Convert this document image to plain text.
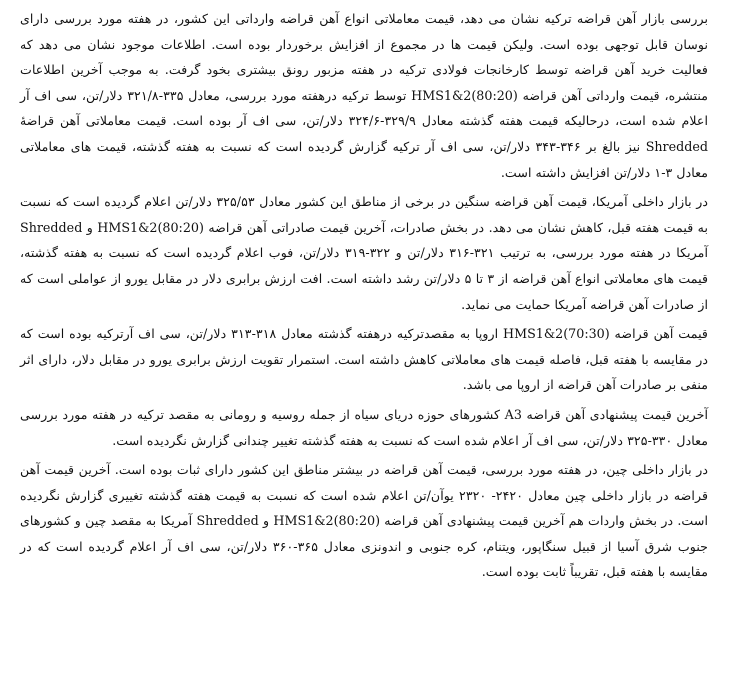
بررسی بازار آهن قراضه ترکیه نشان می دهد، قیمت معاملاتی انواع آهن قراضه وارداتی این کشور، در هفته مورد بررسی دارای نوسان قابل توجهی بوده است. ولیکن قیمت ها در مجموع از افزایش برخوردار بوده است. اطلاعات موجود نشان می دهد که فعالیت خرید آهن قراضه توسط کارخانجات فولادی ترکیه در هفته مزبور رونق بیشتری بخود گرفت. به موجب آخرین اطلاعات منتشره، قیمت وارداتی آهن قراضه HMS1&2(80:20) توسط ترکیه درهفته مورد بررسی، معادل ۳۳۵-۳۲۱/۸ دلار/تن، سی اف آر اعلام شده است، درحالیکه قیمت هفته گذشته معادل ۳۲۹/۹-۳۲۴/۶ دلار/تن، سی اف آر بوده است. قیمت معاملاتی آهن قراضهٔ Shredded نیز بالغ بر ۳۴۶-۳۴۳ دلار/تن، سی اف آر ترکیه گزارش گردیده است که نسبت به هفته گذشته، قیمت های معاملاتی معادل ۳-۱ دلار/تن افزایش داشته است.

در بازار داخلی آمریکا، قیمت آهن قراضه سنگین در برخی از مناطق این کشور معادل ۳۲۵/۵۳ دلار/تن اعلام گردیده است که نسبت به قیمت هفته قبل، کاهش نشان می دهد. در بخش صادرات، آخرین قیمت صادراتی آهن قراضه HMS1&2(80:20) و Shredded آمریکا در هفته مورد بررسی، به ترتیب ۳۲۱-۳۱۶ دلار/تن و ۳۲۲-۳۱۹ دلار/تن، فوب اعلام گردیده است که نسبت به هفته گذشته، قیمت های معاملاتی انواع آهن قراضه از ۳ تا ۵ دلار/تن رشد داشته است. افت ارزش برابری دلار در مقابل یورو از عواملی است که از صادرات آهن قراضه آمریکا حمایت می نماید.

قیمت آهن قراضه HMS1&2(70:30) اروپا به مقصدترکیه درهفته گذشته معادل ۳۱۸-۳۱۳ دلار/تن، سی اف آرترکیه بوده است که در مقایسه با هفته قبل، فاصله قیمت های معاملاتی کاهش داشته است. استمرار تقویت ارزش برابری یورو در مقابل دلار، دارای اثر منفی بر صادرات آهن قراضه از اروپا می باشد.

آخرین قیمت پیشنهادی آهن قراضه A3 کشورهای حوزه دریای سیاه از جمله روسیه و رومانی به مقصد ترکیه در هفته مورد بررسی معادل ۳۳۰-۳۲۵ دلار/تن، سی اف آر اعلام شده است که نسبت به هفته گذشته تغییر چندانی گزارش نگردیده است.

در بازار داخلی چین، در هفته مورد بررسی، قیمت آهن قراضه در بیشتر مناطق این کشور دارای ثبات بوده است. آخرین قیمت آهن قراضه در بازار داخلی چین معادل ۲۴۲۰- ۲۳۲۰ یوآن/تن اعلام شده است که نسبت به قیمت هفته گذشته تغییری گزارش نگردیده است. در بخش واردات هم آخرین قیمت پیشنهادی آهن قراضه HMS1&2(80:20) و Shredded آمریکا به مقصد چین و کشورهای جنوب شرق آسیا از قبیل سنگاپور، ویتنام، کره جنوبی و اندونزی معادل ۳۶۵-۳۶۰ دلار/تن، سی اف آر اعلام گردیده است که در مقایسه با هفته قبل، تقریباً ثابت بوده است.
